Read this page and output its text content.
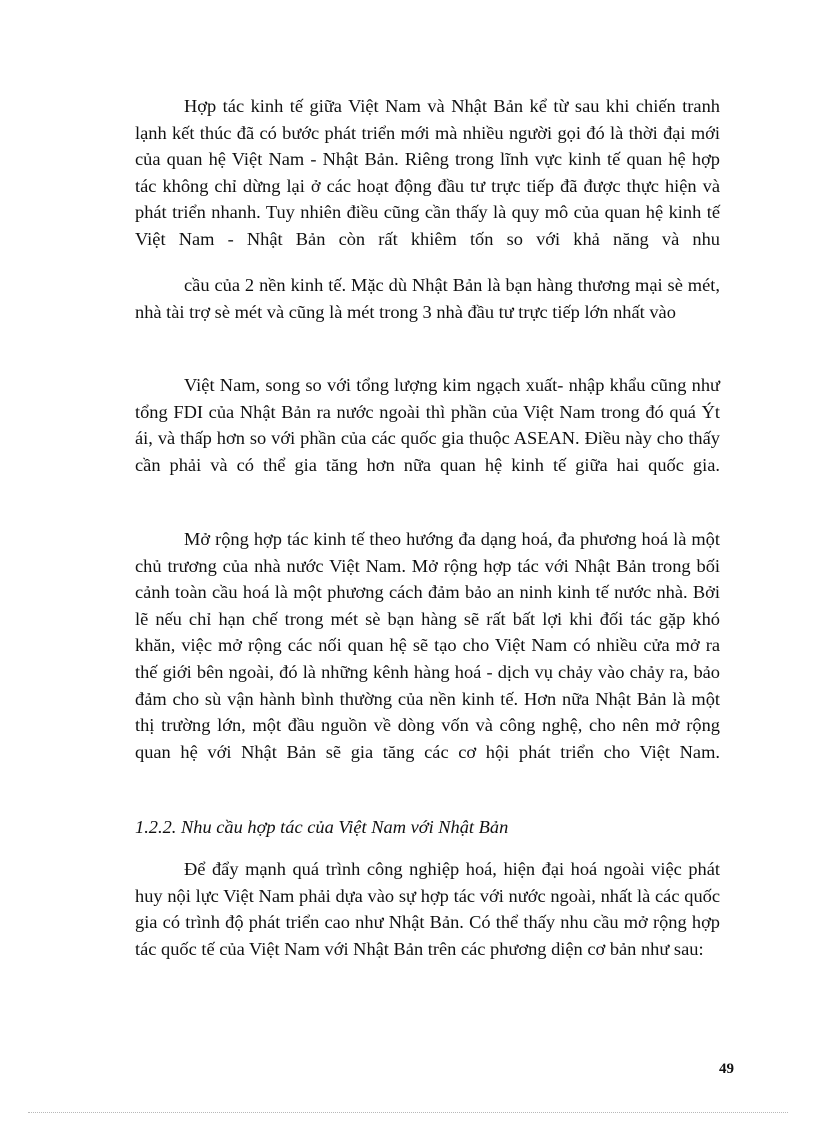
Hợp tác kinh tế giữa Việt Nam và Nhật Bản kể từ sau khi chiến tranh lạnh kết thúc đã có bước phát triển mới mà nhiều người gọi đó là thời đại mới của quan hệ Việt Nam - Nhật Bản. Riêng trong lĩnh vực kinh tế quan hệ hợp tác không chỉ dừng lại ở các hoạt động đầu tư trực tiếp đã được thực hiện và phát triển nhanh. Tuy nhiên điều cũng cần thấy là quy mô của quan hệ kinh tế Việt Nam - Nhật Bản còn rất khiêm tốn so với khả năng và nhu

cầu của 2 nền kinh tế. Mặc dù Nhật Bản là bạn hàng thương mại sè mét, nhà tài trợ sè mét và cũng là mét trong 3 nhà đầu tư trực tiếp lớn nhất vào

Việt Nam, song so với tổng lượng kim ngạch xuất- nhập khẩu cũng như tổng FDI của Nhật Bản ra nước ngoài thì phần của Việt Nam trong đó quá Ýt ái, và thấp hơn so với phần của các quốc gia thuộc ASEAN. Điều này cho thấy cần phải và có thể gia tăng hơn nữa quan hệ kinh tế giữa hai quốc gia.

Mở rộng hợp tác kinh tế theo hướng đa dạng hoá, đa phương hoá là một chủ trương của nhà nước Việt Nam. Mở rộng hợp tác với Nhật Bản trong bối cảnh toàn cầu hoá là một phương cách đảm bảo an ninh kinh tế nước nhà. Bởi lẽ nếu chỉ hạn chế trong mét sè bạn hàng sẽ rất bất lợi khi đối tác gặp khó khăn, việc mở rộng các nối quan hệ sẽ tạo cho Việt Nam có nhiều cửa mở ra thế giới bên ngoài, đó là những kênh hàng hoá - dịch vụ chảy vào chảy ra, bảo đảm cho sù vận hành bình thường của nền kinh tế. Hơn nữa Nhật Bản là một thị trường lớn, một đầu nguồn về dòng vốn và công nghệ, cho nên mở rộng quan hệ với Nhật Bản sẽ gia tăng các cơ hội phát triển cho Việt Nam.

1.2.2. Nhu cầu hợp tác của Việt Nam với Nhật Bản

Để đẩy mạnh quá trình công nghiệp hoá, hiện đại hoá ngoài việc phát huy nội lực Việt Nam phải dựa vào sự hợp tác với nước ngoài, nhất là các quốc gia có trình độ phát triển cao như Nhật Bản. Có thể thấy nhu cầu mở rộng hợp tác quốc tế của Việt Nam với Nhật Bản trên các phương diện cơ bản như sau:

49
